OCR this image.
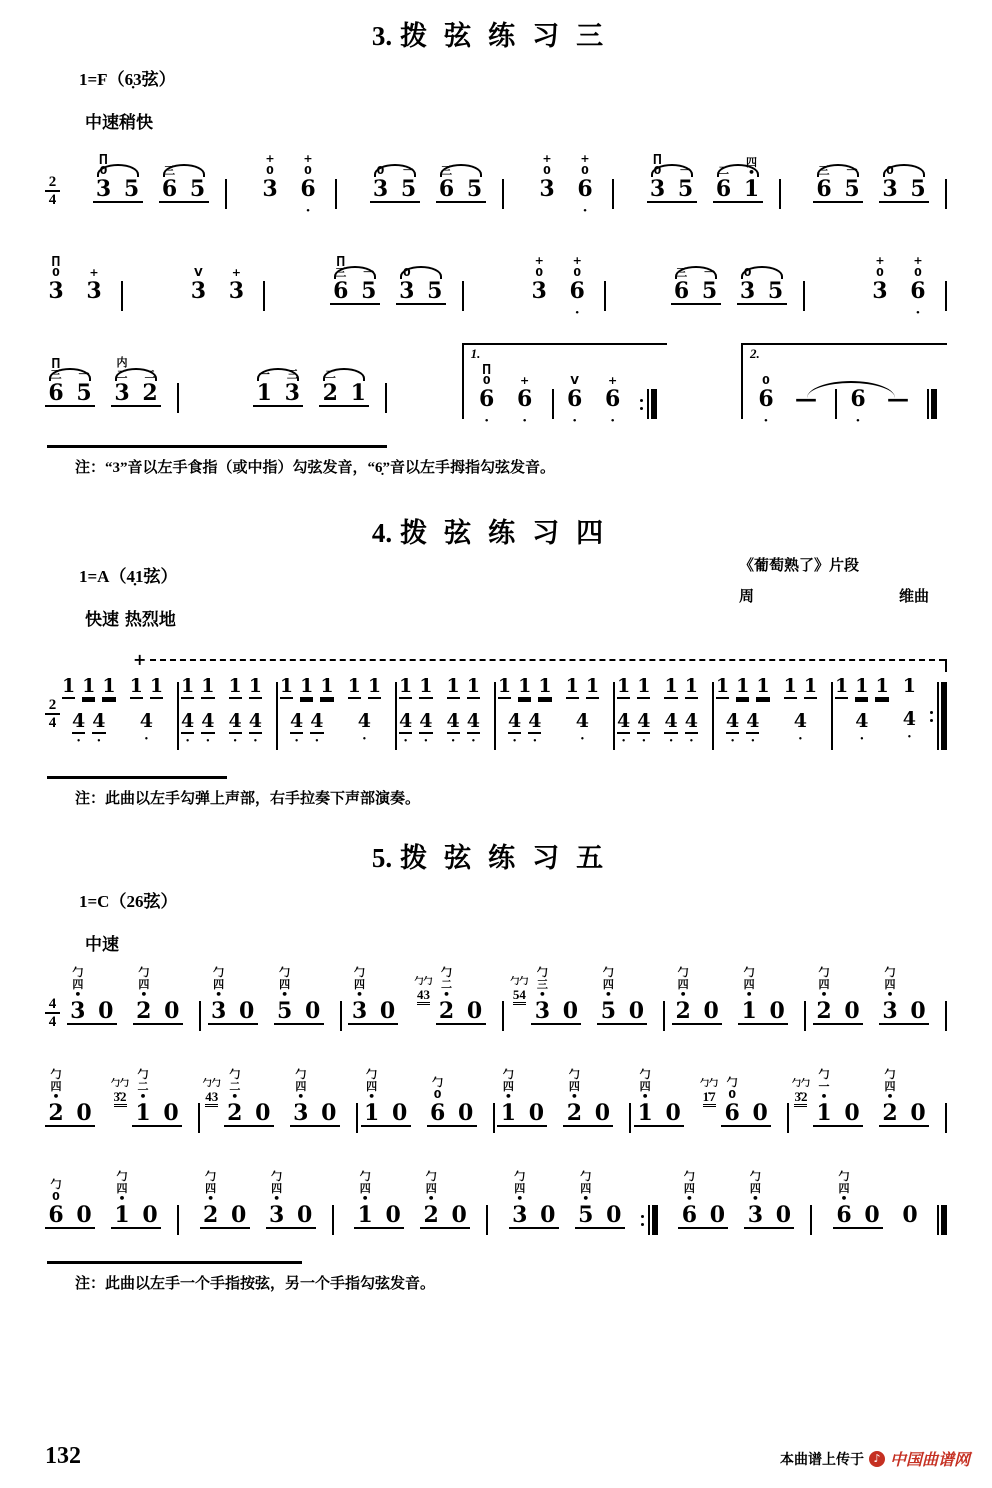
3. 拨弦练习三
1=F（6̣3弦）
中速稍快
2
4
∏
0
3 5
三
6 5
+
0
3
+
0
6
•
0
3
一
5
三
6 5
+
0
3
+
0
6
•
∏
0
3
一
5
二
6
四
•
1
三
6
一
5
0
3 5
∏
0
3
+
3
V
3
+
3
∏
三
6
一
5
0
3 5
+
0
3
+
0
6
•
三
6
一
5
0
3 5
+
0
3
+
0
6
•
∏
三
6
一
5
内
二
3
二
2
一
1
三
3
二
2 1
1.
∏
0
6
•
+
6
•
V
6
•
+
6
•
2.
0
6
•
— 6
•
—

注：“3”音以左手食指（或中指）勾弦发音，“6̣”音以左手拇指勾弦发音。

4. 拨弦练习四
《葡萄熟了》片段
周	维曲
1=A（4̣1弦）
快速 热烈地
+
2
4
1 1 1
4
•
4
•
1 1
4
•
1 1
4
•
4
•
1 1
4
•
4
•
1 1 1
4
•
4
•
1 1
4
•
1 1
4
•
4
•
1 1
4
•
4
•
1 1 1
4
•
4
•
1 1
4
•
1 1
4
•
4
•
1 1
4
•
4
•
1 1 1
4
•
4
•
1 1
4
•
1 1 1
4
•
1
4
•

注：此曲以左手勾弹上声部，右手拉奏下声部演奏。

5. 拨弦练习五
1=C（26弦）
中速
4
4
勹
四
•
3 0
勹
四
•
2 0
勹
四
•
3 0
勹
四
•
5 0
勹
四
•
3 0
勹勹
43
勹
二
•
2 0
勹勹
54
勹
三
•
3 0
勹
四
•
5 0
勹
四
•
2 0
勹
四
•
1 0
勹
四
•
2 0
勹
四
•
3 0
勹
四
•
2 0
勹勹
3̇2
勹
二
•
1 0
勹勹
43
勹
二
•
2 0
勹
四
•
3 0
勹
四
•
1 0
勹
0
6 0
勹
四
•
1 0
勹
四
•
2 0
勹
四
•
1 0
勹勹
1̇7
勹
0
6 0
勹勹
3̇2
勹
一
•
1 0
勹
四
•
2 0
勹
0
6 0
勹
四
•
1 0
勹
四
•
2 0
勹
四
•
3 0
勹
四
•
1 0
勹
四
•
2 0
勹
四
•
3 0
勹
四
•
5 0
勹
四
•
6 0
勹
四
•
3 0
勹
四
•
6 0 0

注：此曲以左手一个手指按弦，另一个手指勾弦发音。

132	本曲谱上传于 ♪ 中国曲谱网
